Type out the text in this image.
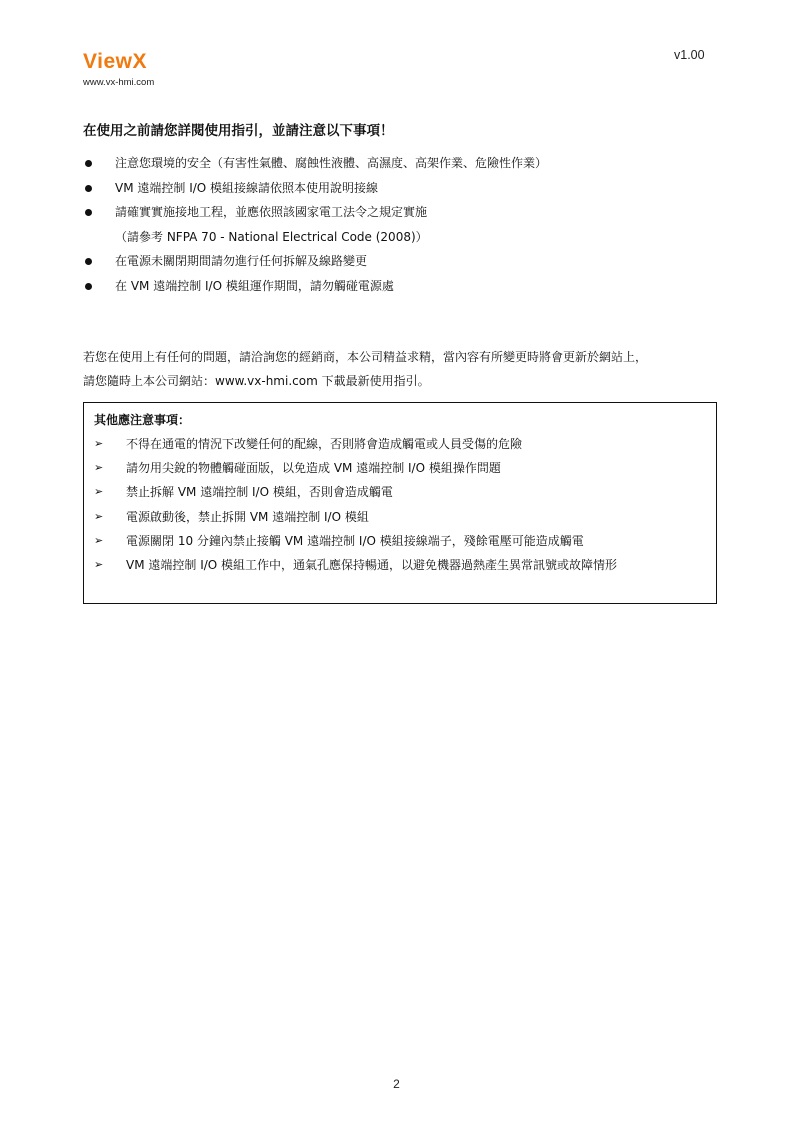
ViewX
www.vx-hmi.com
v1.00
在使用之前請您詳閱使用指引，並請注意以下事項！
注意您環境的安全（有害性氣體、腐蝕性液體、高濕度、高架作業、危險性作業）
VM 遠端控制 I/O 模組接線請依照本使用說明接線
請確實實施接地工程，並應依照該國家電工法令之規定實施
（請參考 NFPA 70 - National Electrical Code (2008)）
在電源未關閉期間請勿進行任何拆解及線路變更
在 VM 遠端控制 I/O 模組運作期間，請勿觸碰電源處
若您在使用上有任何的問題，請洽詢您的經銷商，本公司精益求精，當內容有所變更時將會更新於網站上，
請您隨時上本公司網站：www.vx-hmi.com 下載最新使用指引。
其他應注意事項：
➢ 不得在通電的情況下改變任何的配線，否則將會造成觸電或人員受傷的危險
➢ 請勿用尖銳的物體觸碰面版，以免造成 VM 遠端控制 I/O 模組操作問題
➢ 禁止拆解 VM 遠端控制 I/O 模組，否則會造成觸電
➢ 電源啟動後，禁止拆開 VM 遠端控制 I/O 模組
➢ 電源關閉 10 分鐘內禁止接觸 VM 遠端控制 I/O 模組接線端子，殘餘電壓可能造成觸電
➢ VM 遠端控制 I/O 模組工作中，通氣孔應保持暢通，以避免機器過熱產生異常訊號或故障情形
2
